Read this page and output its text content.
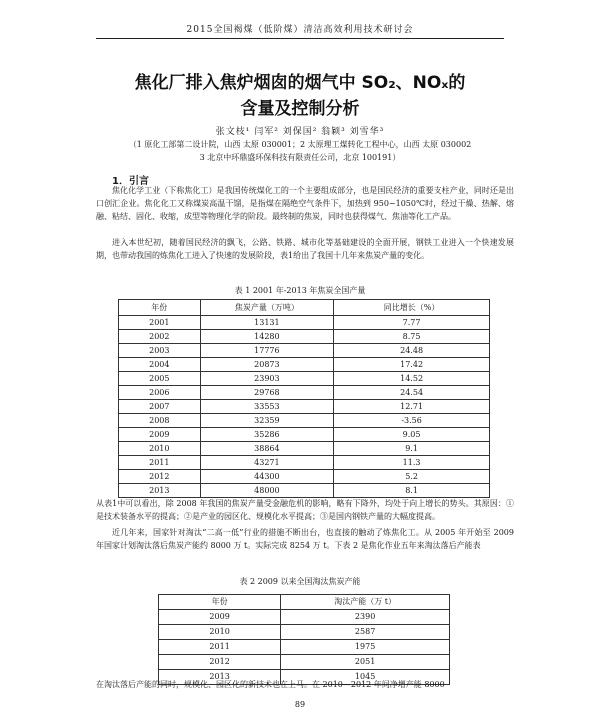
2015全国褐煤（低阶煤）清洁高效利用技术研讨会
焦化厂排入焦炉烟囱的烟气中 SO₂、NOₓ的
含量及控制分析
张文枝¹ 闫军² 刘保国² 翁颖³ 刘雪华³
（1 原化工部第二设计院，山西 太原 030001；2 太原理工煤转化工程中心，山西 太原 030002
3 北京中环鼎盛环保科技有限责任公司，北京 100191）
1．引言

焦化化学工业（下称焦化工）是我国传统煤化工的一个主要组成部分，也是国民经济的重要支柱产业，同时还是出口创汇企业。焦化化工又称煤炭高温干馏，是指煤在隔绝空气条件下，加热到 950~1050℃时，经过干燥、热解、熔融、粘结、固化、收缩，成型等物理化学的阶段。最终制的焦炭，同时也获得煤气、焦油等化工产品。

进入本世纪初，随着国民经济的飘飞，公路、铁路、城市化等基础建设的全面开展，钢铁工业进入一个快速发展期，也带动我国的炼焦化工进入了快速的发展阶段，表1给出了我国十几年来焦炭产量的变化。

表 1 2001 年-2013 年焦炭全国产量
年份	焦炭产量（万吨）	同比增长（%）
2001	13131	7.77
2002	14280	8.75
2003	17776	24.48
2004	20873	17.42
2005	23903	14.52
2006	29768	24.54
2007	33553	12.71
2008	32359	-3.56
2009	35286	9.05
2010	38864	9.1
2011	43271	11.3
2012	44300	5.2
2013	48000	8.1

从表1中可以看出，除 2008 年我国的焦炭产量受金融危机的影响，略有下降外，均处于向上增长的势头。其原因：①是技术装备水平的提高；②是产业的园区化、规模化水平提高；③是国内钢铁产量的大幅度提高。

近几年来，国家针对淘汰“二高一低”行业的措施不断出台，也直接的触动了炼焦化工。从 2005 年开始至 2009 年国家计划淘汰落后焦炭产能约 8000 万 t。实际完成 8254 万 t。下表 2 是焦化作业五年来淘汰落后产能表

表 2 2009 以来全国淘汰焦炭产能
年份	淘汰产能（万 t）
2009	2390
2010	2587
2011	1975
2012	2051
2013	1045

在淘汰落后产能的同时，规模化、园区化的新技术也在上马。在 2010—2012 年间净增产能 8000

89
